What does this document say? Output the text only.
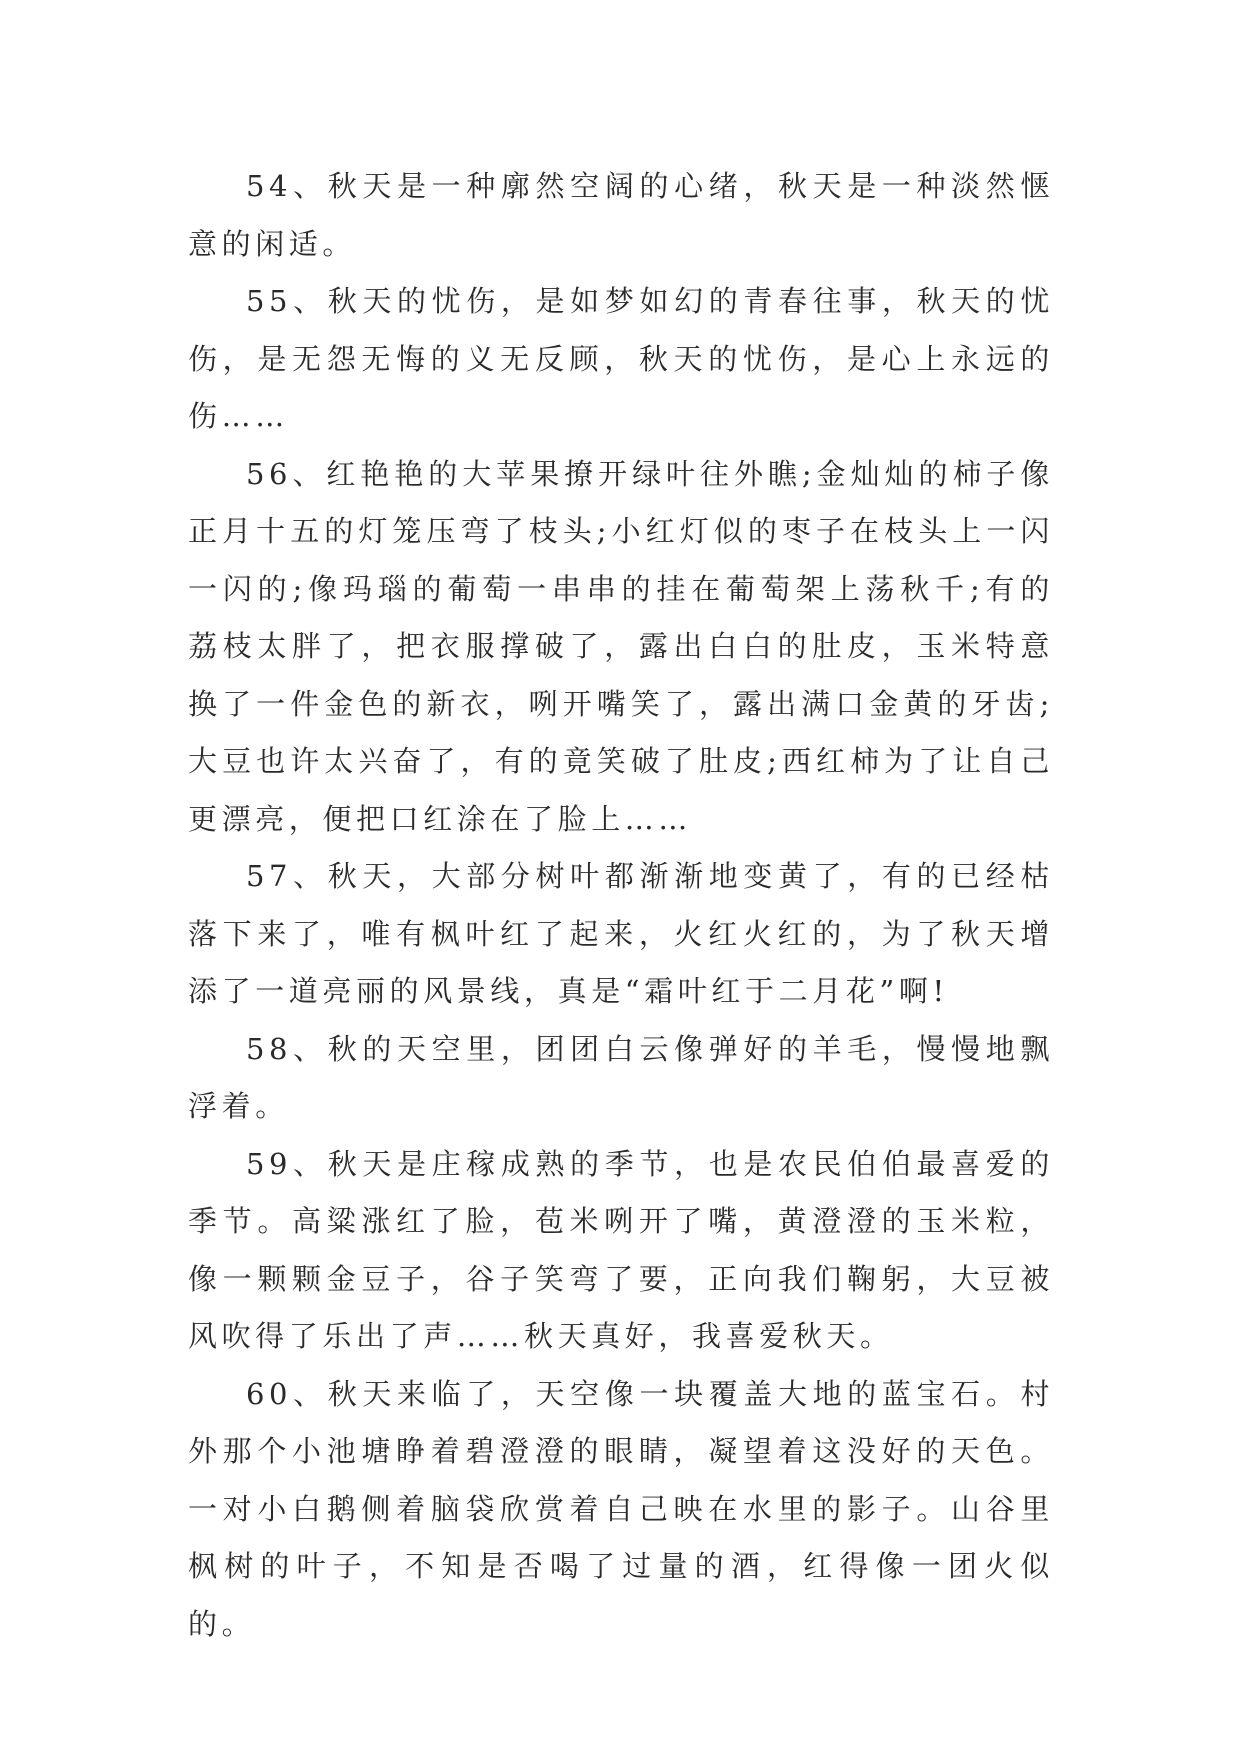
54、秋天是一种廓然空阔的心绪，秋天是一种淡然惬意的闲适。

55、秋天的忧伤，是如梦如幻的青春往事，秋天的忧伤，是无怨无悔的义无反顾，秋天的忧伤，是心上永远的伤……

56、红艳艳的大苹果撩开绿叶往外瞧;金灿灿的柿子像正月十五的灯笼压弯了枝头;小红灯似的枣子在枝头上一闪一闪的;像玛瑙的葡萄一串串的挂在葡萄架上荡秋千;有的荔枝太胖了，把衣服撑破了，露出白白的肚皮，玉米特意换了一件金色的新衣，咧开嘴笑了，露出满口金黄的牙齿;大豆也许太兴奋了，有的竟笑破了肚皮;西红柿为了让自己更漂亮，便把口红涂在了脸上……

57、秋天，大部分树叶都渐渐地变黄了，有的已经枯落下来了，唯有枫叶红了起来，火红火红的，为了秋天增添了一道亮丽的风景线，真是“霜叶红于二月花”啊!

58、秋的天空里，团团白云像弹好的羊毛，慢慢地飘浮着。

59、秋天是庄稼成熟的季节，也是农民伯伯最喜爱的季节。高粱涨红了脸，苞米咧开了嘴，黄澄澄的玉米粒，像一颗颗金豆子，谷子笑弯了要，正向我们鞠躬，大豆被风吹得了乐出了声……秋天真好，我喜爱秋天。

60、秋天来临了，天空像一块覆盖大地的蓝宝石。村外那个小池塘睁着碧澄澄的眼睛，凝望着这没好的天色。一对小白鹅侧着脑袋欣赏着自己映在水里的影子。山谷里枫树的叶子，不知是否喝了过量的酒，红得像一团火似的。
